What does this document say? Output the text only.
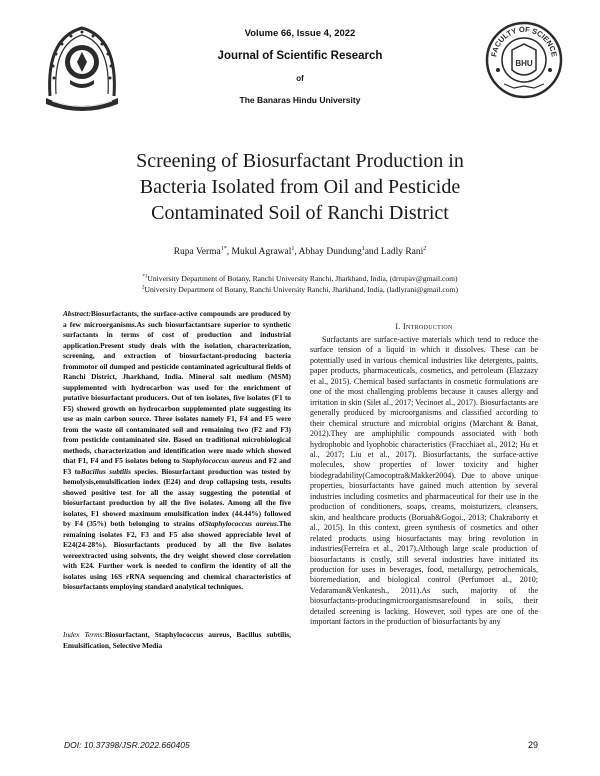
Volume 66, Issue 4, 2022
Journal of Scientific Research
of
The Banaras Hindu University
FACULTY OF SCIENCE
BHU
Screening of Biosurfactant Production in
Bacteria Isolated from Oil and Pesticide
Contaminated Soil of Ranchi District
Rupa Verma$^{1*}$, Mukul Agrawal$^1$, Abhay Dundung$^1$and Ladly Rani$^2$
$^{*1}$University Department of Botany, Ranchi University Ranchi, Jharkhand, India, (drrupav@gmail.com)
$^2$University Department of Botany, Ranchi University Ranchi, Jharkhand, India, (ladlyrani@gmail.com)
Abstract:Biosurfactants, the surface-active compounds are produced by a few microorganisms.As such biosurfactantsare superior to synthetic surfactants in terms of cost of production and industrial application.Present study deals with the isolation, characterization, screening, and extraction of biosurfactant-producing bacteria frommotor oil dumped and pesticide contaminated agricultural fields of Ranchi District, Jharkhand, India. Mineral salt medium (MSM) supplemented with hydrocarbon was used for the enrichment of putative biosurfactant producers. Out of ten isolates, five isolates (F1 to F5) showed growth on hydrocarbon supplemented plate suggesting its use as main carbon source. Three isolates namely F1, F4 and F5 were from the waste oil contaminated soil and remaining two (F2 and F3) from pesticide contaminated site. Based on traditional microbiological methods, characterization and identification were made which showed that F1, F4 and F5 isolates belong to Staphylococcus aureus and F2 and F3 toBacillus subtilis species. Biosurfactant production was tested by hemolysis,emulsification index (E24) and drop collapsing tests, results showed positive test for all the assay suggesting the potential of biosurfactant production by all the five isolates. Among all the five isolates, F1 showed maximum emulsification index (44.44%) followed by F4 (35%) both belonging to strains ofStaphylococcus aureus.The remaining isolates F2, F3 and F5 also showed appreciable level of E24(24-28%). Biosurfactants produced by all the five isolates wereextracted using solvents, the dry weight showed close correlation with E24. Further work is needed to confirm the identity of all the isolates using 16S rRNA sequencing and chemical characteristics of biosurfactants employing standard analytical techniques.
Index Terms:Biosurfactant, Staphylococcus aureus, Bacillus subtilis, Emulsification, Selective Media
I. Introduction
Surfactants are surface-active materials which tend to reduce the surface tension of a liquid in which it dissolves. These can be potentially used in various chemical industries like detergents, paints, paper products, pharmaceuticals, cosmetics, and petroleum (Elazzazy et al., 2015). Chemical based surfactants in cosmetic formulations are one of the most challenging problems because it causes allergy and irritation in skin (Silet al., 2017; Vecinoet al., 2017). Biosurfactants are generally produced by microorganisms and classified according to their chemical structure and microbial origins (Marchant & Banat, 2012).They are amphiphilic compounds associated with both hydrophobic and lyophobic characteristics (Fracchiaet al., 2012; Hu et al., 2017; Liu et al., 2017). Biosurfactants, the surface-active molecules, show properties of lower toxicity and higher biodegradability(Camocoptra&Makker2004). Due to above unique properties, biosurfactants have gained much attention by several industries including cosmetics and pharmaceutical for their use in the production of conditioners, soaps, creams, moisturizers, cleansers, skin, and healthcare products (Boruah&Gogoi., 2013; Chakraborty et al., 2015). In this context, green synthesis of cosmetics and other related products using biosurfactants may bring revolution in industries(Ferreira et al., 2017).Although large scale production of biosurfactants is costly, still several industries have initiated its production for uses in beverages, food, metallurgy, petrochemicals, bioremediation, and biological control (Perfumoet al., 2010; Vedaraman&Venkatesh., 2011).As such, majority of the biosurfactants-producingmicroorganismsarefound in soils, their detailed screening is lacking. However, soil types are one of the important factors in the production of biosurfactants by any
DOI: 10.37398/JSR.2022.660405	29
